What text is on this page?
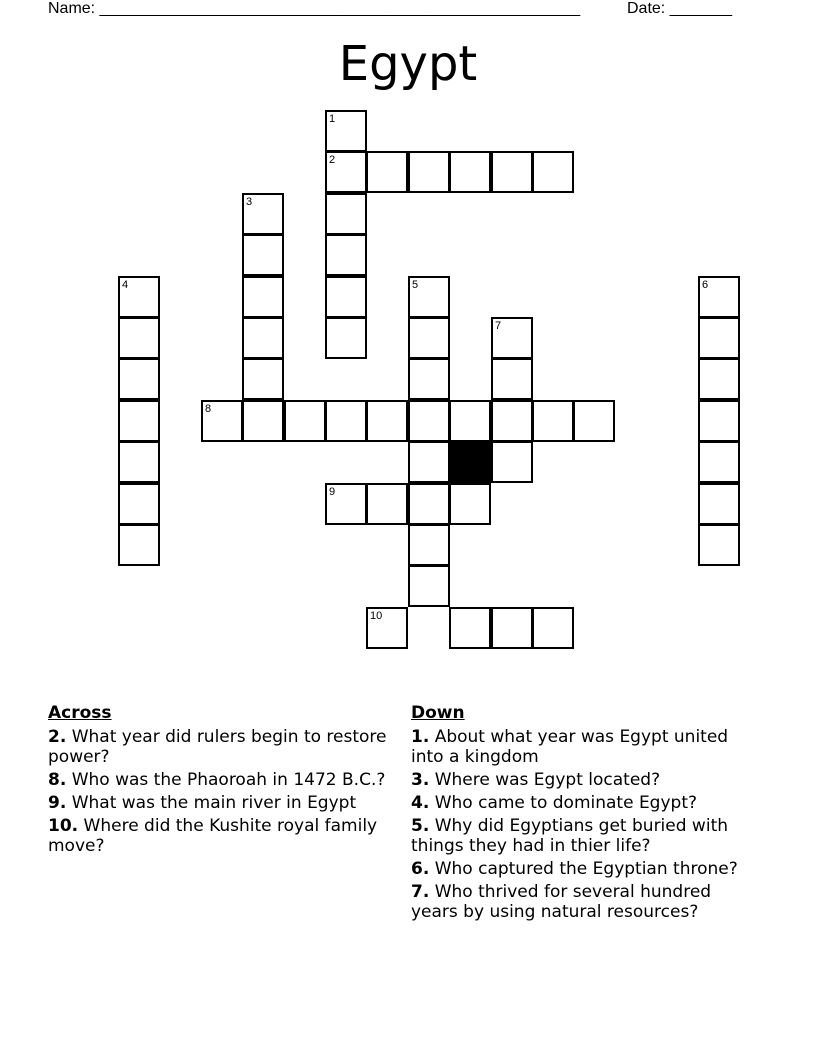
Name: ______________________________________________________	Date: _______
Egypt
1
2
3
4	5	6
7
8
9
10
Across
2. What year did rulers begin to restore power?
8. Who was the Phaoroah in 1472 B.C.?
9. What was the main river in Egypt
10. Where did the Kushite royal family move?
Down
1. About what year was Egypt united into a kingdom
3. Where was Egypt located?
4. Who came to dominate Egypt?
5. Why did Egyptians get buried with things they had in thier life?
6. Who captured the Egyptian throne?
7. Who thrived for several hundred years by using natural resources?
